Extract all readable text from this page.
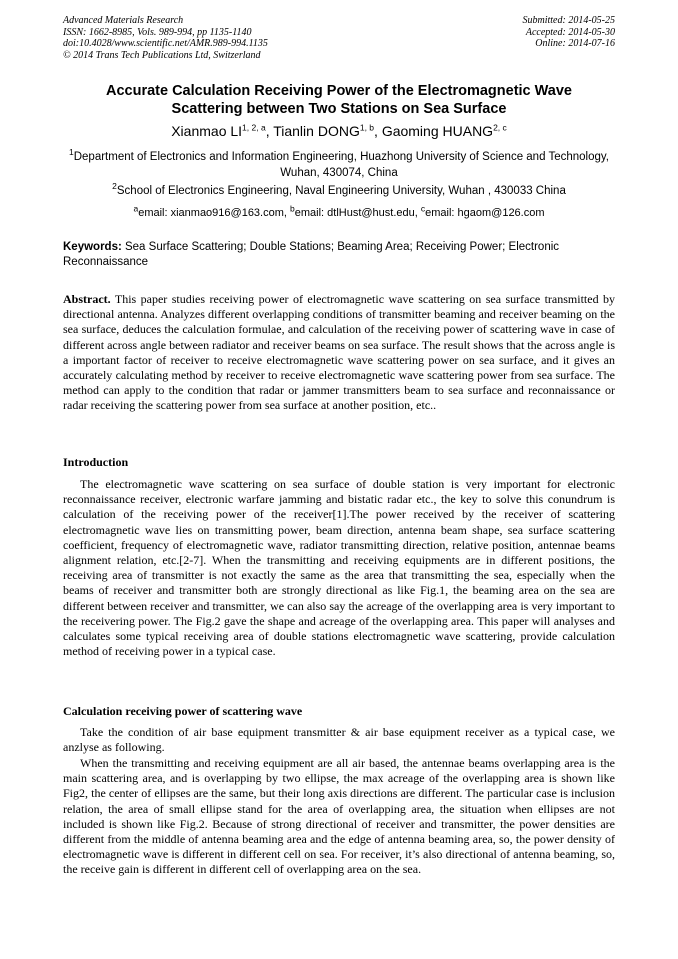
Advanced Materials Research
ISSN: 1662-8985, Vols. 989-994, pp 1135-1140
doi:10.4028/www.scientific.net/AMR.989-994.1135
© 2014 Trans Tech Publications Ltd, Switzerland
Submitted: 2014-05-25
Accepted: 2014-05-30
Online: 2014-07-16
Accurate Calculation Receiving Power of the Electromagnetic Wave
Scattering between Two Stations on Sea Surface
Xianmao LI$^{1, 2, a}$, Tianlin DONG$^{1, b}$, Gaoming HUANG$^{2, c}$
$^1$Department of Electronics and Information Engineering, Huazhong University of Science and Technology, Wuhan, 430074, China
$^2$School of Electronics Engineering, Naval Engineering University, Wuhan , 430033 China
$^a$email: xianmao916@163.com, $^b$email: dtlHust@hust.edu, $^c$email: hgaom@126.com
Keywords: Sea Surface Scattering; Double Stations; Beaming Area; Receiving Power; Electronic Reconnaissance
Abstract. This paper studies receiving power of electromagnetic wave scattering on sea surface transmitted by directional antenna. Analyzes different overlapping conditions of transmitter beaming and receiver beaming on the sea surface, deduces the calculation formulae, and calculation of the receiving power of scattering wave in case of different across angle between radiator and receiver beams on sea surface. The result shows that the across angle is a important factor of receiver to receive electromagnetic wave scattering power on sea surface, and it gives an accurately calculating method by receiver to receive electromagnetic wave scattering power from sea surface. The method can apply to the condition that radar or jammer transmitters beam to sea surface and reconnaissance or radar receiving the scattering power from sea surface at another position, etc..
Introduction
The electromagnetic wave scattering on sea surface of double station is very important for electronic reconnaissance receiver, electronic warfare jamming and bistatic radar etc., the key to solve this conundrum is calculation of the receiving power of the receiver[1].The power received by the receiver of scattering electromagnetic wave lies on transmitting power, beam direction, antenna beam shape, sea surface scattering coefficient, frequency of electromagnetic wave, radiator transmitting direction, relative position, antennae beams alignment relation, etc.[2-7]. When the transmitting and receiving equipments are in different positions, the receiving area of transmitter is not exactly the same as the area that transmitting the sea, especially when the beams of receiver and transmitter both are strongly directional as like Fig.1, the beaming area on the sea are different between receiver and transmitter, we can also say the acreage of the overlapping area is very important to the receivering power. The Fig.2 gave the shape and acreage of the overlapping area. This paper will analyses and calculates some typical receiving area of double stations electromagnetic wave scattering, provide calculation method of receiving power in a typical case.
Calculation receiving power of scattering wave
Take the condition of air base equipment transmitter & air base equipment receiver as a typical case, we anzlyse as following.
When the transmitting and receiving equipment are all air based, the antennae beams overlapping area is the main scattering area, and is overlapping by two ellipse, the max acreage of the overlapping area is shown like Fig2, the center of ellipses are the same, but their long axis directions are different. The particular case is inclusion relation, the area of small ellipse stand for the area of overlapping area, the situation when ellipses are not included is shown like Fig.2. Because of strong directional of receiver and transmitter, the power densities are different from the middle of antenna beaming area and the edge of antenna beaming area, so, the power density of electromagnetic wave is different in different cell on sea. For receiver, it’s also directional of antenna beaming, so, the receive gain is different in different cell of overlapping area on the sea.
